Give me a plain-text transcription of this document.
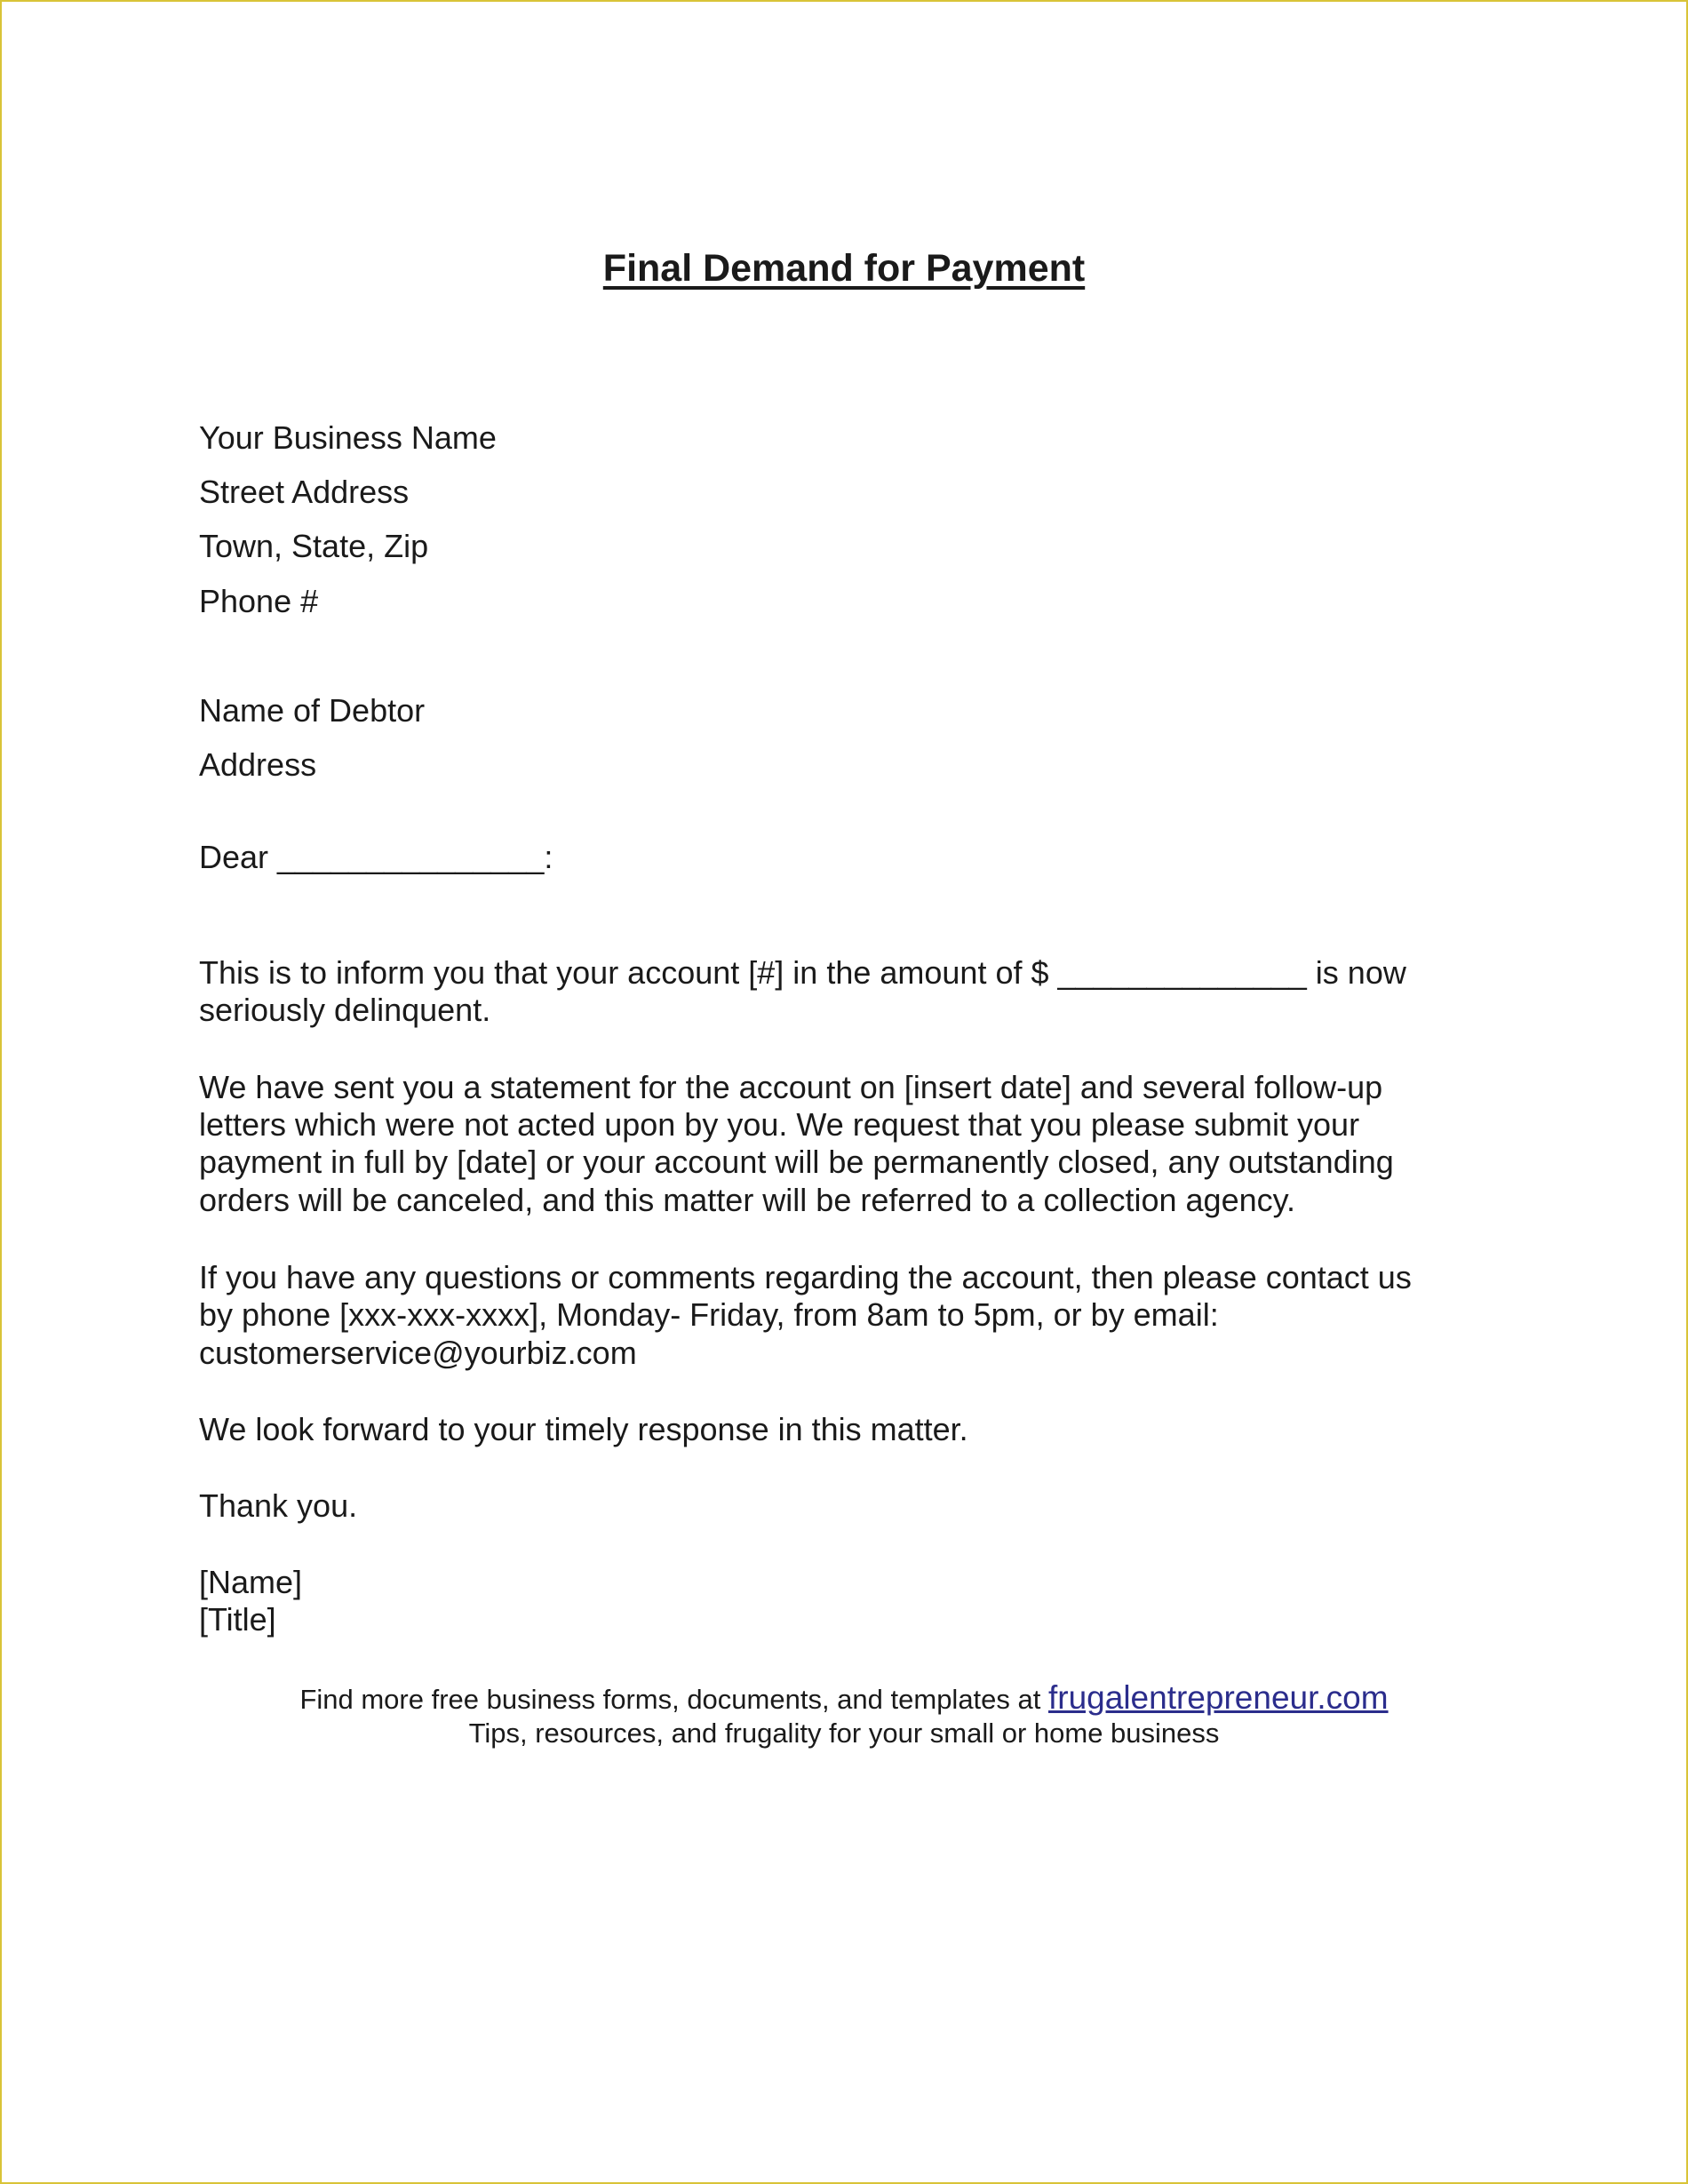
Final Demand for Payment
Your Business Name
Street Address
Town, State, Zip
Phone #
Name of Debtor
Address
Dear _______________:
This is to inform you that your account [#] in the amount of $ ______________ is now
seriously delinquent.
We have sent you a statement for the account on [insert date] and several follow-up
letters which were not acted upon by you. We request that you please submit your
payment in full by [date] or your account will be permanently closed, any outstanding
orders will be canceled, and this matter will be referred to a collection agency.
If you have any questions or comments regarding the account, then please contact us
by phone [xxx-xxx-xxxx], Monday- Friday, from 8am to 5pm, or by email:
customerservice@yourbiz.com
We look forward to your timely response in this matter.
Thank you.
[Name]
[Title]
Find more free business forms, documents, and templates at frugalentrepreneur.com
Tips, resources, and frugality for your small or home business
